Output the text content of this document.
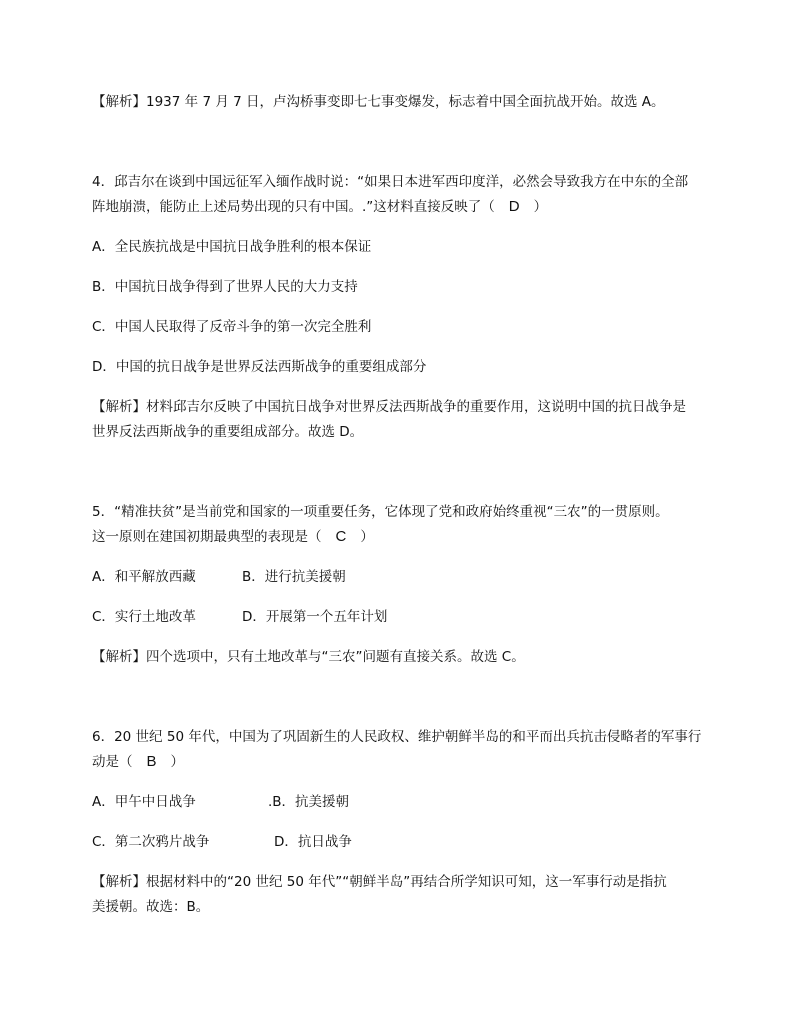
【解析】1937 年 7 月 7 日，卢沟桥事变即七七事变爆发，标志着中国全面抗战开始。故选 A。
4．邱吉尔在谈到中国远征军入缅作战时说：“如果日本进军西印度洋，必然会导致我方在中东的全部
阵地崩溃，能防止上述局势出现的只有中国。.”这材料直接反映了（ D ）
A．全民族抗战是中国抗日战争胜利的根本保证
B．中国抗日战争得到了世界人民的大力支持
C．中国人民取得了反帝斗争的第一次完全胜利
D．中国的抗日战争是世界反法西斯战争的重要组成部分
【解析】材料邱吉尔反映了中国抗日战争对世界反法西斯战争的重要作用，这说明中国的抗日战争是
世界反法西斯战争的重要组成部分。故选 D。
5．“精准扶贫”是当前党和国家的一项重要任务，它体现了党和政府始终重视“三农”的一贯原则。
这一原则在建国初期最典型的表现是（ C ）
A．和平解放西藏	B．进行抗美援朝
C．实行土地改革	D．开展第一个五年计划
【解析】四个选项中，只有土地改革与“三农”问题有直接关系。故选 C。
6．20 世纪 50 年代，中国为了巩固新生的人民政权、维护朝鲜半岛的和平而出兵抗击侵略者的军事行
动是（ B ）
A．甲午中日战争	.B．抗美援朝
C．第二次鸦片战争	D．抗日战争
【解析】根据材料中的“20 世纪 50 年代”“朝鲜半岛”再结合所学知识可知，这一军事行动是指抗
美援朝。故选：B。
